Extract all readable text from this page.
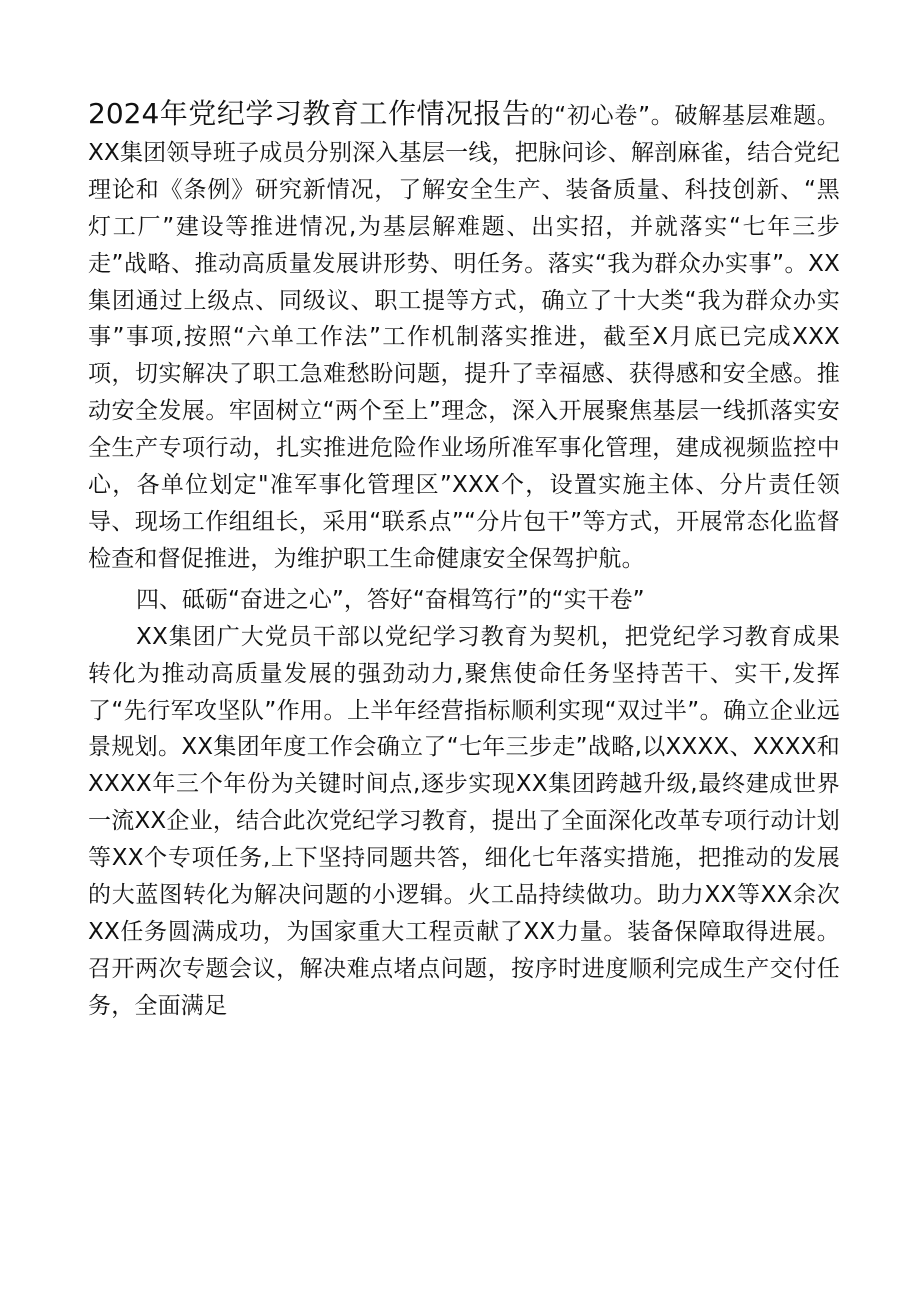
2024年党纪学习教育工作情况报告的“初心卷”。破解基层难题。XX集团领导班子成员分别深入基层一线，把脉问诊、解剖麻雀，结合党纪理论和《条例》研究新情况，了解安全生产、装备质量、科技创新、“黑灯工厂”建设等推进情况,为基层解难题、出实招，并就落实“七年三步走”战略、推动高质量发展讲形势、明任务。落实“我为群众办实事”。XX集团通过上级点、同级议、职工提等方式，确立了十大类“我为群众办实事”事项,按照“六单工作法”工作机制落实推进，截至X月底已完成XXX项，切实解决了职工急难愁盼问题，提升了幸福感、获得感和安全感。推动安全发展。牢固树立“两个至上”理念，深入开展聚焦基层一线抓落实安全生产专项行动，扎实推进危险作业场所准军事化管理，建成视频监控中心，各单位划定"准军事化管理区”XXX个，设置实施主体、分片责任领导、现场工作组组长，采用“联系点”“分片包干”等方式，开展常态化监督检查和督促推进，为维护职工生命健康安全保驾护航。

四、砥砺“奋进之心”，答好“奋楫笃行”的“实干卷”

XX集团广大党员干部以党纪学习教育为契机，把党纪学习教育成果转化为推动高质量发展的强劲动力,聚焦使命任务坚持苦干、实干,发挥了“先行军攻坚队”作用。上半年经营指标顺利实现“双过半”。确立企业远景规划。XX集团年度工作会确立了“七年三步走”战略,以XXXX、XXXX和XXXX年三个年份为关键时间点,逐步实现XX集团跨越升级,最终建成世界一流XX企业，结合此次党纪学习教育，提出了全面深化改革专项行动计划等XX个专项任务,上下坚持同题共答，细化七年落实措施，把推动的发展的大蓝图转化为解决问题的小逻辑。火工品持续做功。助力XX等XX余次XX任务圆满成功，为国家重大工程贡献了XX力量。装备保障取得进展。召开两次专题会议，解决难点堵点问题，按序时进度顺利完成生产交付任务，全面满足
